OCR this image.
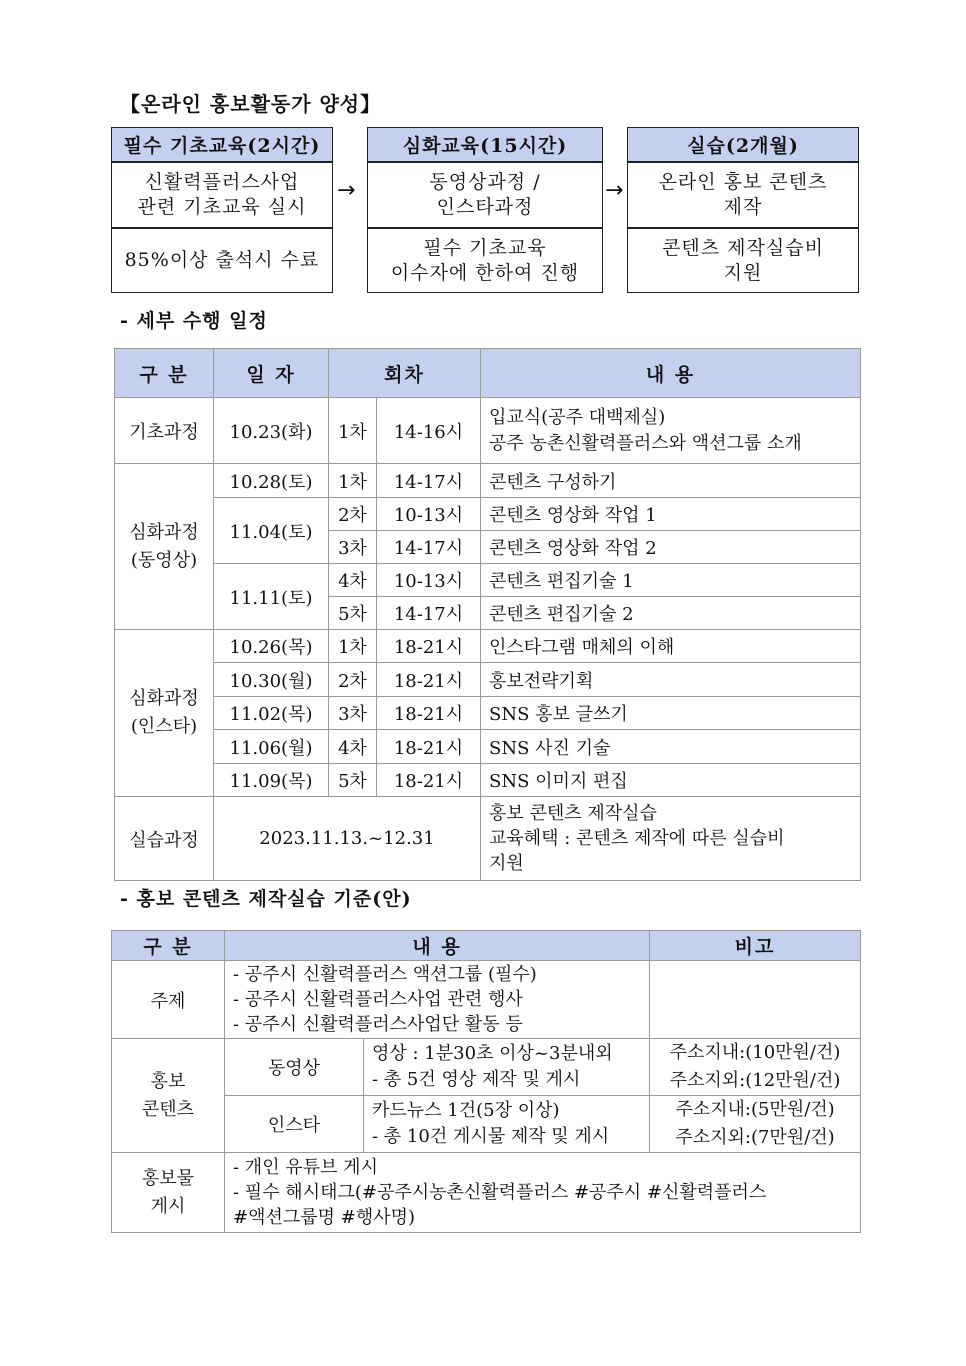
【온라인 홍보활동가 양성】
필수 기초교육(2시간)
신활력플러스사업
관련 기초교육 실시
85%이상 출석시 수료
→
심화교육(15시간)
동영상과정 /
인스타과정
필수 기초교육
이수자에 한하여 진행
→
실습(2개월)
온라인 홍보 콘텐츠
제작
콘텐츠 제작실습비
지원
- 세부 수행 일정
구 분	일 자	회차		내 용
기초과정	10.23(화)	1차	14-16시	입교식(공주 대백제실)
공주 농촌신활력플러스와 액션그룹 소개
심화과정
(동영상)	10.28(토)	1차	14-17시	콘텐츠 구성하기
	11.04(토)	2차	10-13시	콘텐츠 영상화 작업 1
		3차	14-17시	콘텐츠 영상화 작업 2
	11.11(토)	4차	10-13시	콘텐츠 편집기술 1
		5차	14-17시	콘텐츠 편집기술 2
심화과정
(인스타)	10.26(목)	1차	18-21시	인스타그램 매체의 이해
	10.30(월)	2차	18-21시	홍보전략기획
	11.02(목)	3차	18-21시	SNS 홍보 글쓰기
	11.06(월)	4차	18-21시	SNS 사진 기술
	11.09(목)	5차	18-21시	SNS 이미지 편집
실습과정	2023.11.13.~12.31			홍보 콘텐츠 제작실습
교육혜택 : 콘텐츠 제작에 따른 실습비
지원
- 홍보 콘텐츠 제작실습 기준(안)
구 분	내 용		비고
주제	- 공주시 신활력플러스 액션그룹 (필수)
- 공주시 신활력플러스사업 관련 행사
- 공주시 신활력플러스사업단 활동 등		
홍보
콘텐츠	동영상	영상 : 1분30초 이상~3분내외
- 총 5건 영상 제작 및 게시	주소지내:(10만원/건)
주소지외:(12만원/건)
	인스타	카드뉴스 1건(5장 이상)
- 총 10건 게시물 제작 및 게시	주소지내:(5만원/건)
주소지외:(7만원/건)
홍보물
게시	- 개인 유튜브 게시
- 필수 해시태그(#공주시농촌신활력플러스 #공주시 #신활력플러스
#액션그룹명 #행사명)		
